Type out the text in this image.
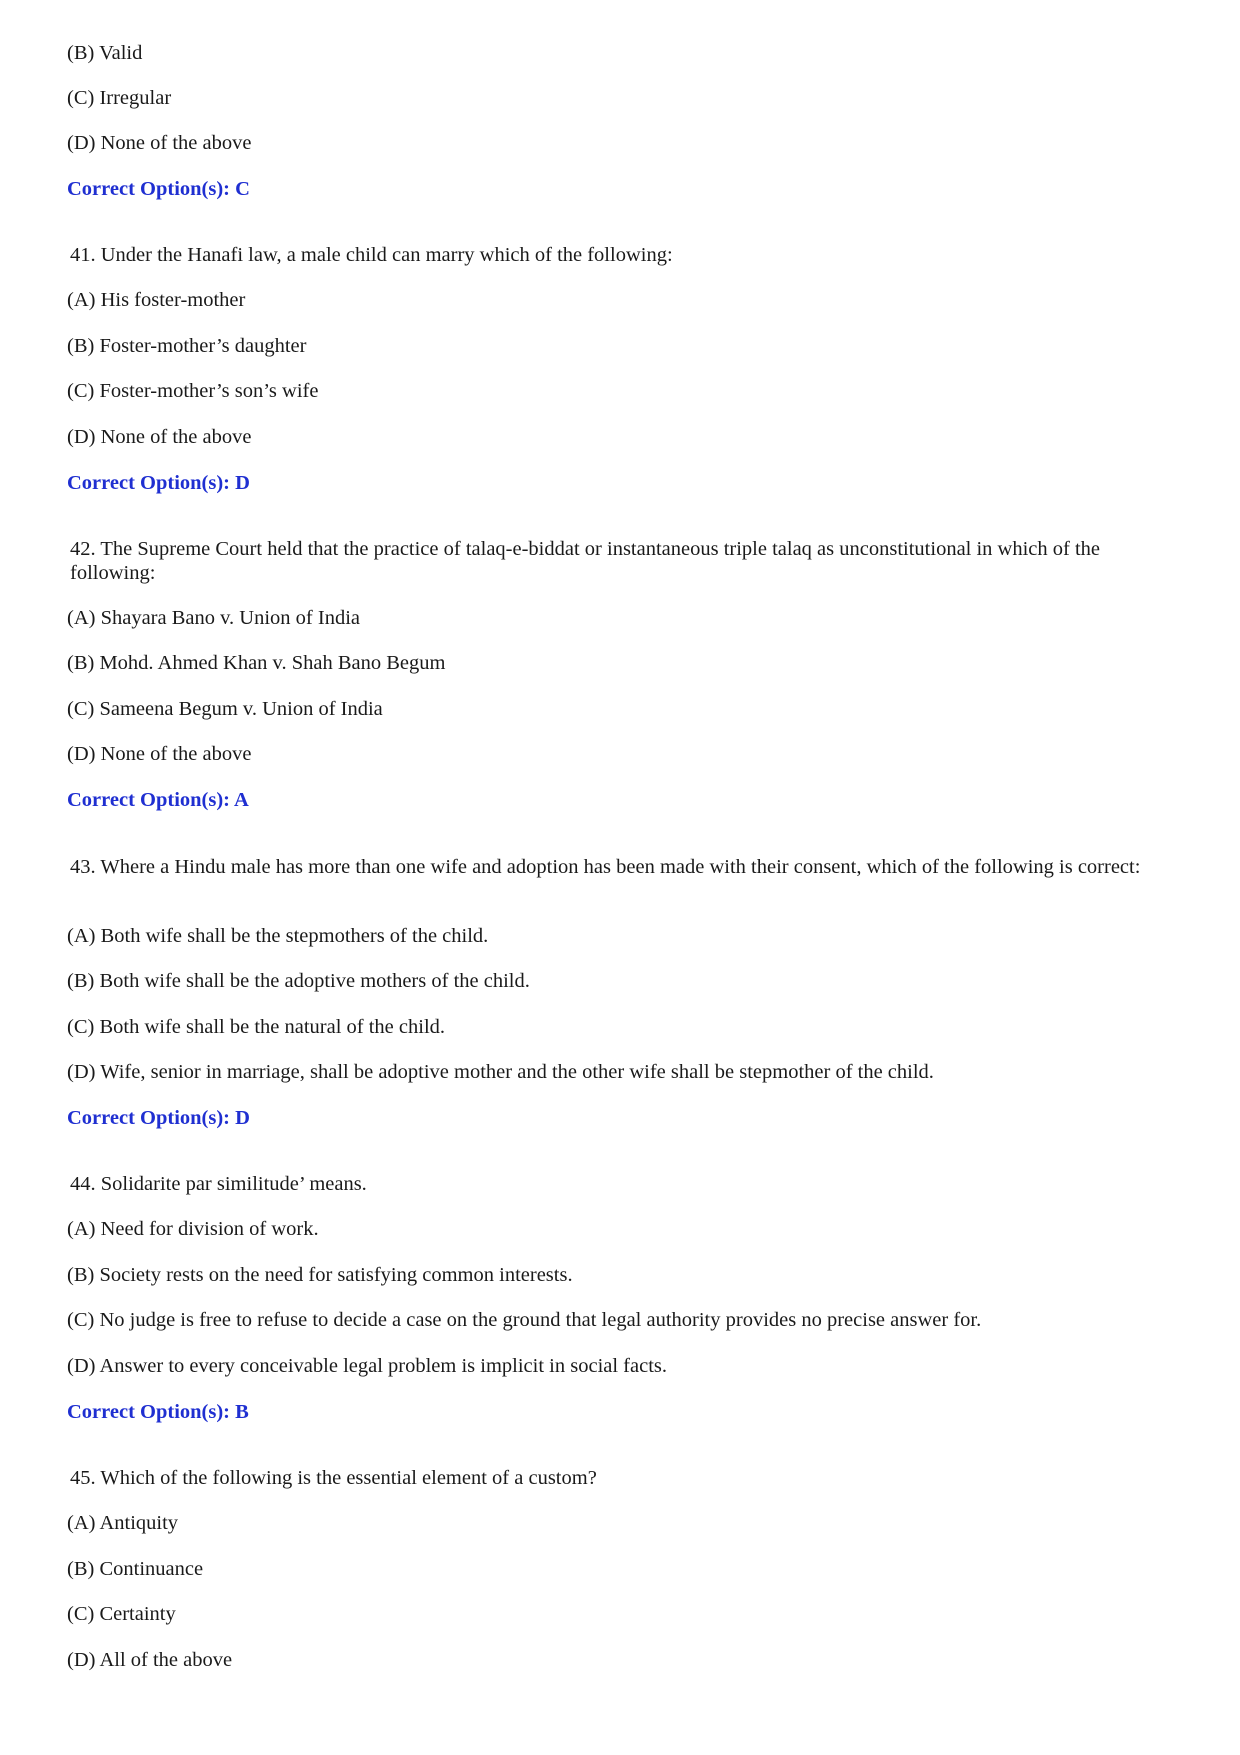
(B) Valid
(C) Irregular
(D) None of the above
Correct Option(s): C
41. Under the Hanafi law, a male child can marry which of the following:
(A) His foster-mother
(B) Foster-mother’s daughter
(C) Foster-mother’s son’s wife
(D) None of the above
Correct Option(s): D
42. The Supreme Court held that the practice of talaq-e-biddat or instantaneous triple talaq as unconstitutional in which of the following:
(A) Shayara Bano v. Union of India
(B) Mohd. Ahmed Khan v. Shah Bano Begum
(C) Sameena Begum v. Union of India
(D) None of the above
Correct Option(s): A
43. Where a Hindu male has more than one wife and adoption has been made with their consent, which of the following is correct:
(A) Both wife shall be the stepmothers of the child.
(B) Both wife shall be the adoptive mothers of the child.
(C) Both wife shall be the natural of the child.
(D) Wife, senior in marriage, shall be adoptive mother and the other wife shall be stepmother of the child.
Correct Option(s): D
44. Solidarite par similitude’ means.
(A) Need for division of work.
(B) Society rests on the need for satisfying common interests.
(C) No judge is free to refuse to decide a case on the ground that legal authority provides no precise answer for.
(D) Answer to every conceivable legal problem is implicit in social facts.
Correct Option(s): B
45. Which of the following is the essential element of a custom?
(A) Antiquity
(B) Continuance
(C) Certainty
(D) All of the above
